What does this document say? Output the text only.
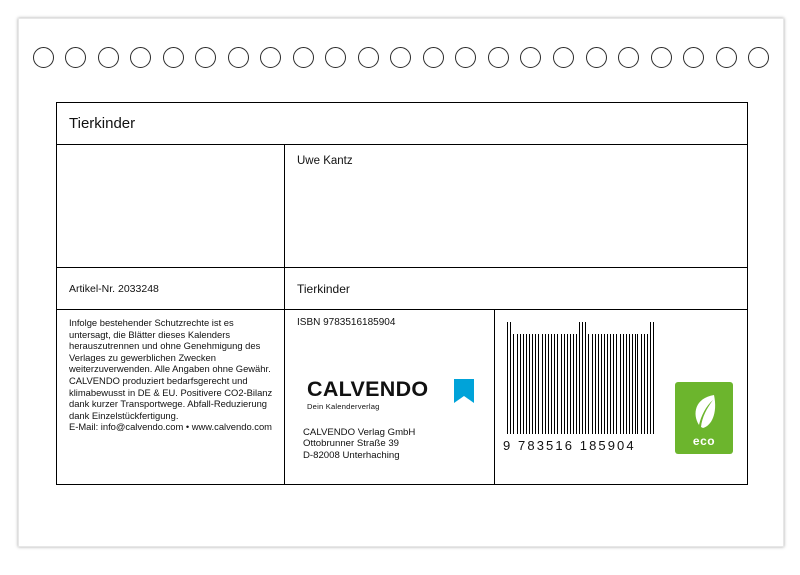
Tierkinder
Uwe Kantz
Artikel-Nr. 2033248	Tierkinder

Infolge bestehender Schutzrechte ist es untersagt, die Blätter dieses Kalenders herauszutrennen und ohne Genehmigung des Verlages zu gewerblichen Zwecken weiterzuverwenden. Alle Angaben ohne Gewähr.

CALVENDO produziert bedarfsgerecht und klimabewusst in DE & EU. Positivere CO2-Bilanz dank kurzer Transportwege. Abfall-Reduzierung dank Einzelstückfertigung.

E-Mail: info@calvendo.com • www.calvendo.com

ISBN 9783516185904
CALVENDO
Dein Kalenderverlag
CALVENDO Verlag GmbH
Ottobrunner Straße 39
D-82008 Unterhaching
9 783516 185904	eco
